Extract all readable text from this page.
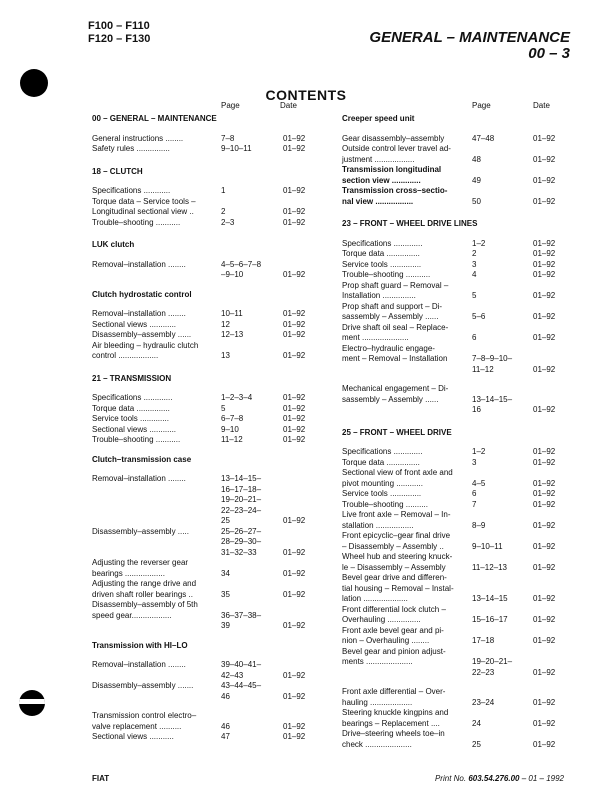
F100 – F110
F120 – F130	GENERAL – MAINTENANCE
00 – 3
CONTENTS
Page	Date	Page	Date
00 – GENERAL – MAINTENANCE
General instructions ........	7–8	01–92
Safety rules ...............	9–10–11	01–92
18 – CLUTCH
Specifications ............	1	01–92
Torque data – Service tools –
Longitudinal sectional view ..	2	01–92
Trouble–shooting ...........	2–3	01–92
LUK clutch
Removal–installation ........	4–5–6–7–8
–9–10	01–92
Clutch hydrostatic control
Removal–installation ........	10–11	01–92
Sectional views ............	12	01–92
Disassembly–assembly ......	12–13	01–92
Air bleeding – hydraulic clutch
control ..................	13	01–92
21 – TRANSMISSION
Specifications .............	1–2–3–4	01–92
Torque data ...............	5	01–92
Service tools .............	6–7–8	01–92
Sectional views ............	9–10	01–92
Trouble–shooting ...........	11–12	01–92
Clutch–transmission case
Removal–installation ........	13–14–15–
16–17–18–
19–20–21–
22–23–24–
25	01–92
Disassembly–assembly .....	25–26–27–
28–29–30–
31–32–33	01–92
Adjusting the reverser gear
bearings ..................	34	01–92
Adjusting the range drive and
driven shaft roller bearings ..	35	01–92
Disassembly–assembly of 5th
speed gear..................	36–37–38–
39	01–92
Transmission with HI–LO
Removal–installation ........	39–40–41–
42–43	01–92
Disassembly–assembly .......	43–44–45–
46	01–92
Transmission control electro–
valve replacement ..........	46	01–92
Sectional views ...........	47	01–92
Creeper speed unit
Gear disassembly–assembly	47–48	01–92
Outside control lever travel ad-
justment ..................	48	01–92
Transmission longitudinal
section view .............	49	01–92
Transmission cross–sectio-
nal view .................	50	01–92
23 – FRONT – WHEEL DRIVE LINES
Specifications .............	1–2	01–92
Torque data ...............	2	01–92
Service tools ..............	3	01–92
Trouble–shooting ...........	4	01–92
Prop shaft guard – Removal –
Installation ...............	5	01–92
Prop shaft and support – Di-
sassembly – Assembly ......	5–6	01–92
Drive shaft oil seal – Replace-
ment .....................	6	01–92
Electro–hydraulic engage-
ment – Removal – Installation	7–8–9–10–
11–12	01–92
Mechanical engagement – Di-
sassembly – Assembly ......	13–14–15–
16	01–92
25 – FRONT – WHEEL DRIVE
Specifications .............	1–2	01–92
Torque data ...............	3	01–92
Sectional view of front axle and
pivot mounting ............	4–5	01–92
Service tools ..............	6	01–92
Trouble–shooting ..........	7	01–92
Live front axle – Removal – In-
stallation .................	8–9	01–92
Front epicyclic–gear final drive
– Disassembly – Assembly ..	9–10–11	01–92
Wheel hub and steering knuck-
le – Disassembly – Assembly	11–12–13	01–92
Bevel gear drive and differen-
tial housing – Removal – Instal-
lation ....................	13–14–15	01–92
Front differential lock clutch –
Overhauling ...............	15–16–17	01–92
Front axle bevel gear and pi-
nion – Overhauling ........	17–18	01–92
Bevel gear and pinion adjust-
ments .....................	19–20–21–
22–23	01–92
Front axle differential – Over-
hauling ...................	23–24	01–92
Steering knuckle kingpins and
bearings – Replacement ....	24	01–92
Drive–steering wheels toe–in
check .....................	25	01–92
FIAT	Print No. 603.54.276.00 – 01 – 1992
